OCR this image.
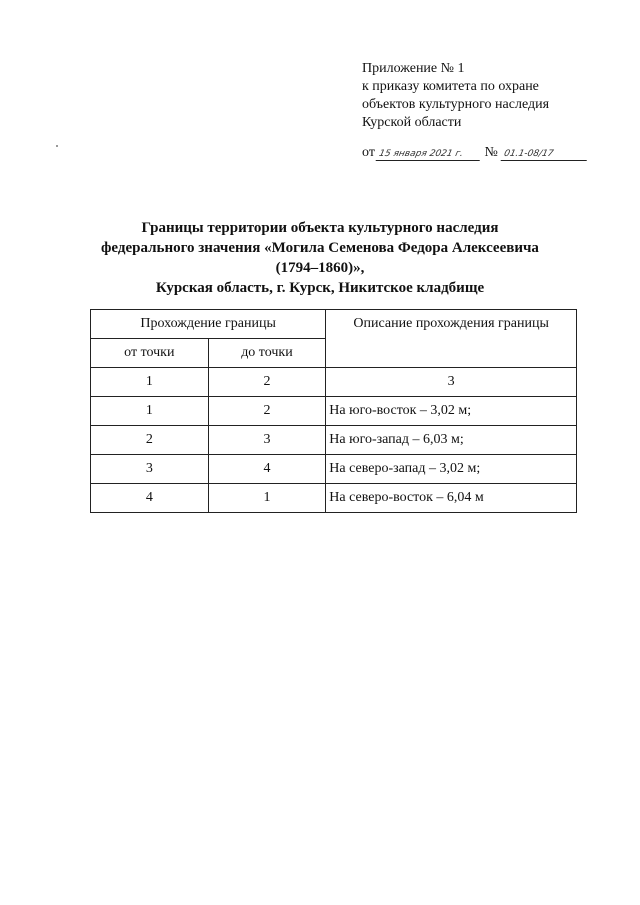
Приложение № 1
к приказу комитета по охране
объектов культурного наследия
Курской области
от 15 января 2021 г. № 01.1-08/17
Границы территории объекта культурного наследия
федерального значения «Могила Семенова Федора Алексеевича
(1794–1860)»,
Курская область, г. Курск, Никитское кладбище
Прохождение границы		Описание прохождения границы
от точки	до точки	
1	2	3
1	2	На юго-восток – 3,02 м;
2	3	На юго-запад – 6,03 м;
3	4	На северо-запад – 3,02 м;
4	1	На северо-восток – 6,04 м
